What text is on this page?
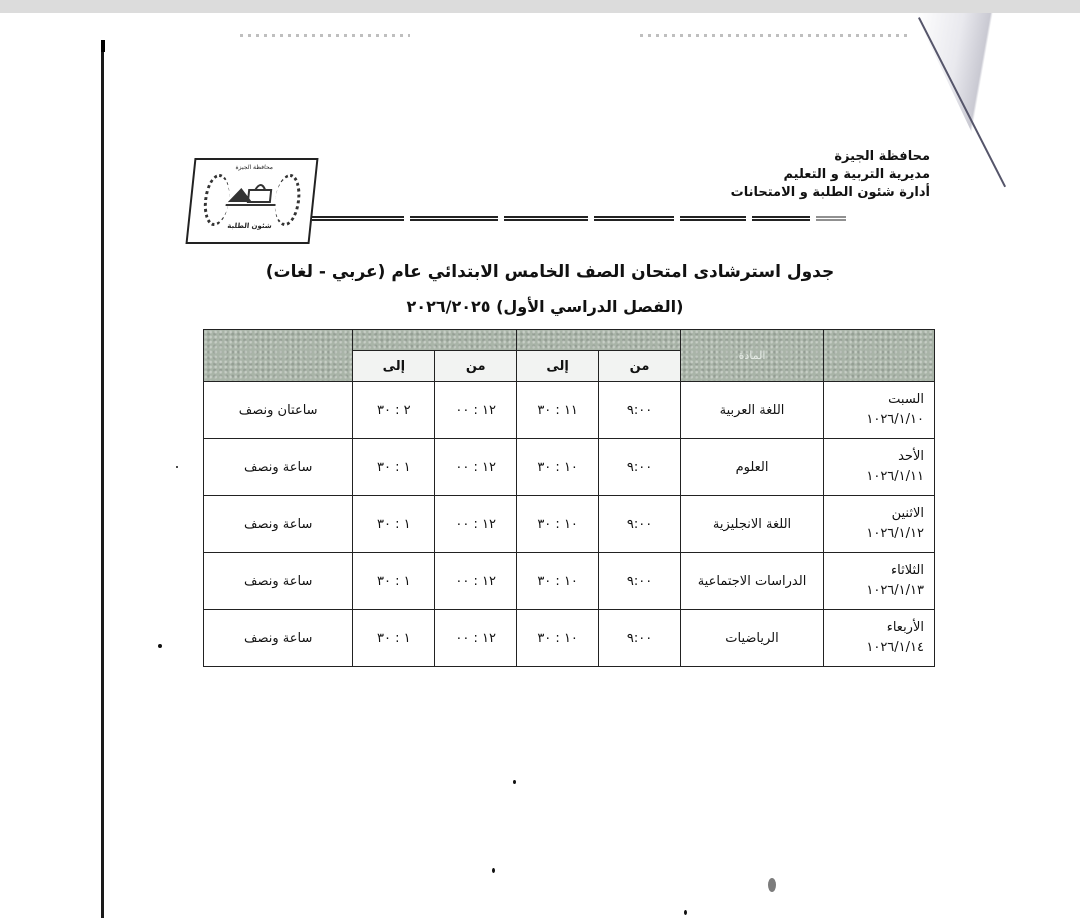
محافظة الجيزة
مديرية التربية و التعليم
أدارة شئون الطلبة و الامتحانات
محافظة الجيزة
شئون الطلبة
جدول استرشادى امتحان الصف الخامس الابتدائي عام (عربي - لغات)
(الفصل الدراسي الأول) ٢٠٢٦/٢٠٢٥
	المادة					
		من	إلى	من	إلى	

السبت
١٠٢٦/١/١٠	اللغة العربية	٩:٠٠	١١ : ٣٠	١٢ : ٠٠	٢ : ٣٠	ساعتان ونصف

الأحد
١٠٢٦/١/١١	العلوم	٩:٠٠	١٠ : ٣٠	١٢ : ٠٠	١ : ٣٠	ساعة ونصف

الاثنين
١٠٢٦/١/١٢	اللغة الانجليزية	٩:٠٠	١٠ : ٣٠	١٢ : ٠٠	١ : ٣٠	ساعة ونصف

الثلاثاء
١٠٢٦/١/١٣	الدراسات الاجتماعية	٩:٠٠	١٠ : ٣٠	١٢ : ٠٠	١ : ٣٠	ساعة ونصف

الأربعاء
١٠٢٦/١/١٤	الرياضيات	٩:٠٠	١٠ : ٣٠	١٢ : ٠٠	١ : ٣٠	ساعة ونصف
